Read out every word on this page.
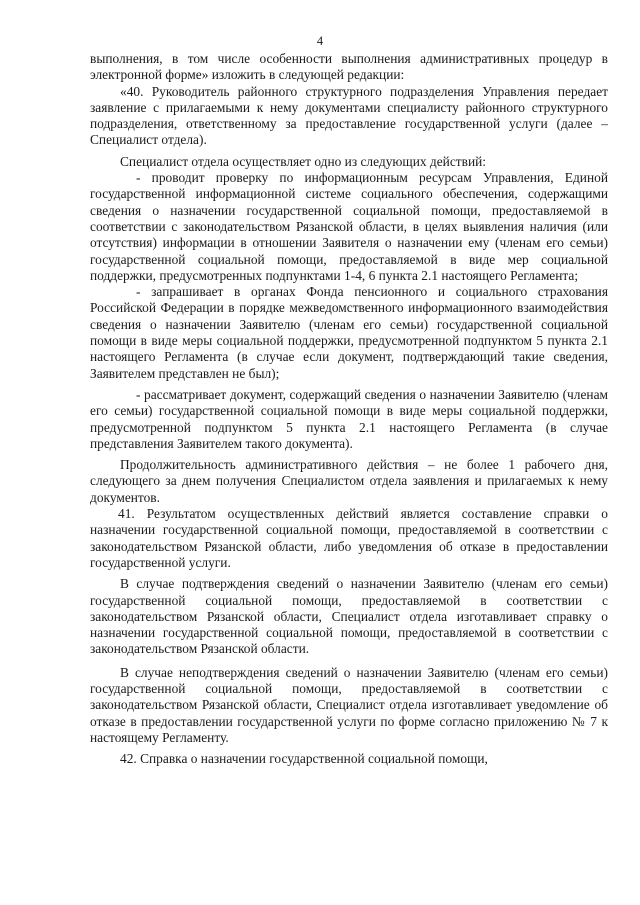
4

выполнения, в том числе особенности выполнения административных процедур в электронной форме» изложить в следующей редакции:

«40. Руководитель районного структурного подразделения Управления передает заявление с прилагаемыми к нему документами специалисту районного структурного подразделения, ответственному за предоставление государственной услуги (далее – Специалист отдела).

Специалист отдела осуществляет одно из следующих действий:

- проводит проверку по информационным ресурсам Управления, Единой государственной информационной системе социального обеспечения, содержащими сведения о назначении государственной социальной помощи, предоставляемой в соответствии с законодательством Рязанской области, в целях выявления наличия (или отсутствия) информации в отношении Заявителя о назначении ему (членам его семьи) государственной социальной помощи, предоставляемой в виде мер социальной поддержки, предусмотренных подпунктами 1-4, 6 пункта 2.1 настоящего Регламента;

- запрашивает в органах Фонда пенсионного и социального страхования Российской Федерации в порядке межведомственного информационного взаимодействия сведения о назначении Заявителю (членам его семьи) государственной социальной помощи в виде меры социальной поддержки, предусмотренной подпунктом 5 пункта 2.1 настоящего Регламента (в случае если документ, подтверждающий такие сведения, Заявителем представлен не был);

- рассматривает документ, содержащий сведения о назначении Заявителю (членам его семьи) государственной социальной помощи в виде меры социальной поддержки, предусмотренной подпунктом 5 пункта 2.1 настоящего Регламента (в случае представления Заявителем такого документа).

Продолжительность административного действия – не более 1 рабочего дня, следующего за днем получения Специалистом отдела заявления и прилагаемых к нему документов.

41. Результатом осуществленных действий является составление справки о назначении государственной социальной помощи, предоставляемой в соответствии с законодательством Рязанской области, либо уведомления об отказе в предоставлении государственной услуги.

В случае подтверждения сведений о назначении Заявителю (членам его семьи) государственной социальной помощи, предоставляемой в соответствии с законодательством Рязанской области, Специалист отдела изготавливает справку о назначении государственной социальной помощи, предоставляемой в соответствии с законодательством Рязанской области.

В случае неподтверждения сведений о назначении Заявителю (членам его семьи) государственной социальной помощи, предоставляемой в соответствии с законодательством Рязанской области, Специалист отдела изготавливает уведомление об отказе в предоставлении государственной услуги по форме согласно приложению № 7 к настоящему Регламенту.

42. Справка о назначении государственной социальной помощи,
